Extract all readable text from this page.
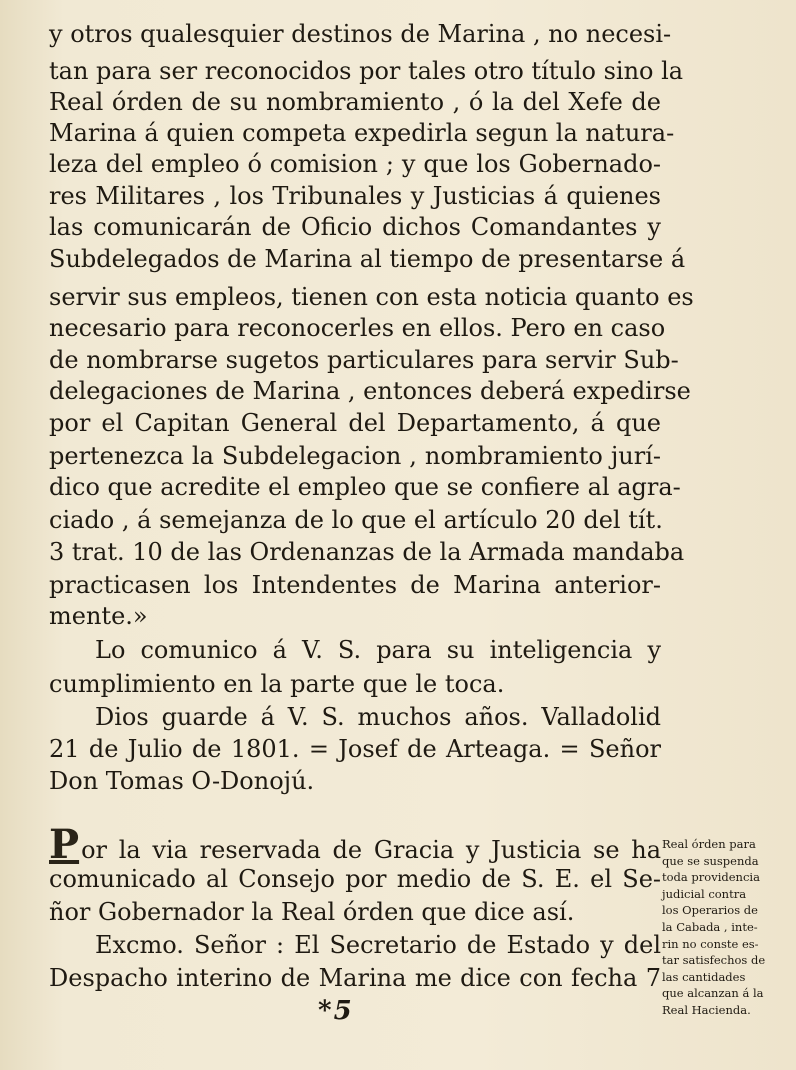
y otros qualesquier destinos de Marina , no necesi-
tan para ser reconocidos por tales otro título sino la
Real órden de su nombramiento , ó la del Xefe de
Marina á quien competa expedirla segun la natura-
leza del empleo ó comision ; y que los Gobernado-
res Militares , los Tribunales y Justicias á quienes
las comunicarán de Oficio dichos Comandantes y
Subdelegados de Marina al tiempo de presentarse á
servir sus empleos, tienen con esta noticia quanto es
necesario para reconocerles en ellos. Pero en caso
de nombrarse sugetos particulares para servir Sub-
delegaciones de Marina , entonces deberá expedirse
por el Capitan General del Departamento, á que
pertenezca la Subdelegacion , nombramiento jurí-
dico que acredite el empleo que se confiere al agra-
ciado , á semejanza de lo que el artículo 20 del tít.
3 trat. 10 de las Ordenanzas de la Armada mandaba
practicasen los Intendentes de Marina anterior-
mente.»
Lo comunico á V. S. para su inteligencia y
cumplimiento en la parte que le toca.
Dios guarde á V. S. muchos años. Valladolid
21 de Julio de 1801. = Josef de Arteaga. = Señor
Don Tomas O-Donojú.
Por la via reservada de Gracia y Justicia se ha
comunicado al Consejo por medio de S. E. el Se-
ñor Gobernador la Real órden que dice así.
Excmo. Señor : El Secretario de Estado y del
Despacho interino de Marina me dice con fecha 7
Real órden para
que se suspenda
toda providencia
judicial contra
los Operarios de
la Cabada , inte-
rin no conste es-
tar satisfechos de
las cantidades
que alcanzan á la
Real Hacienda.
*5
